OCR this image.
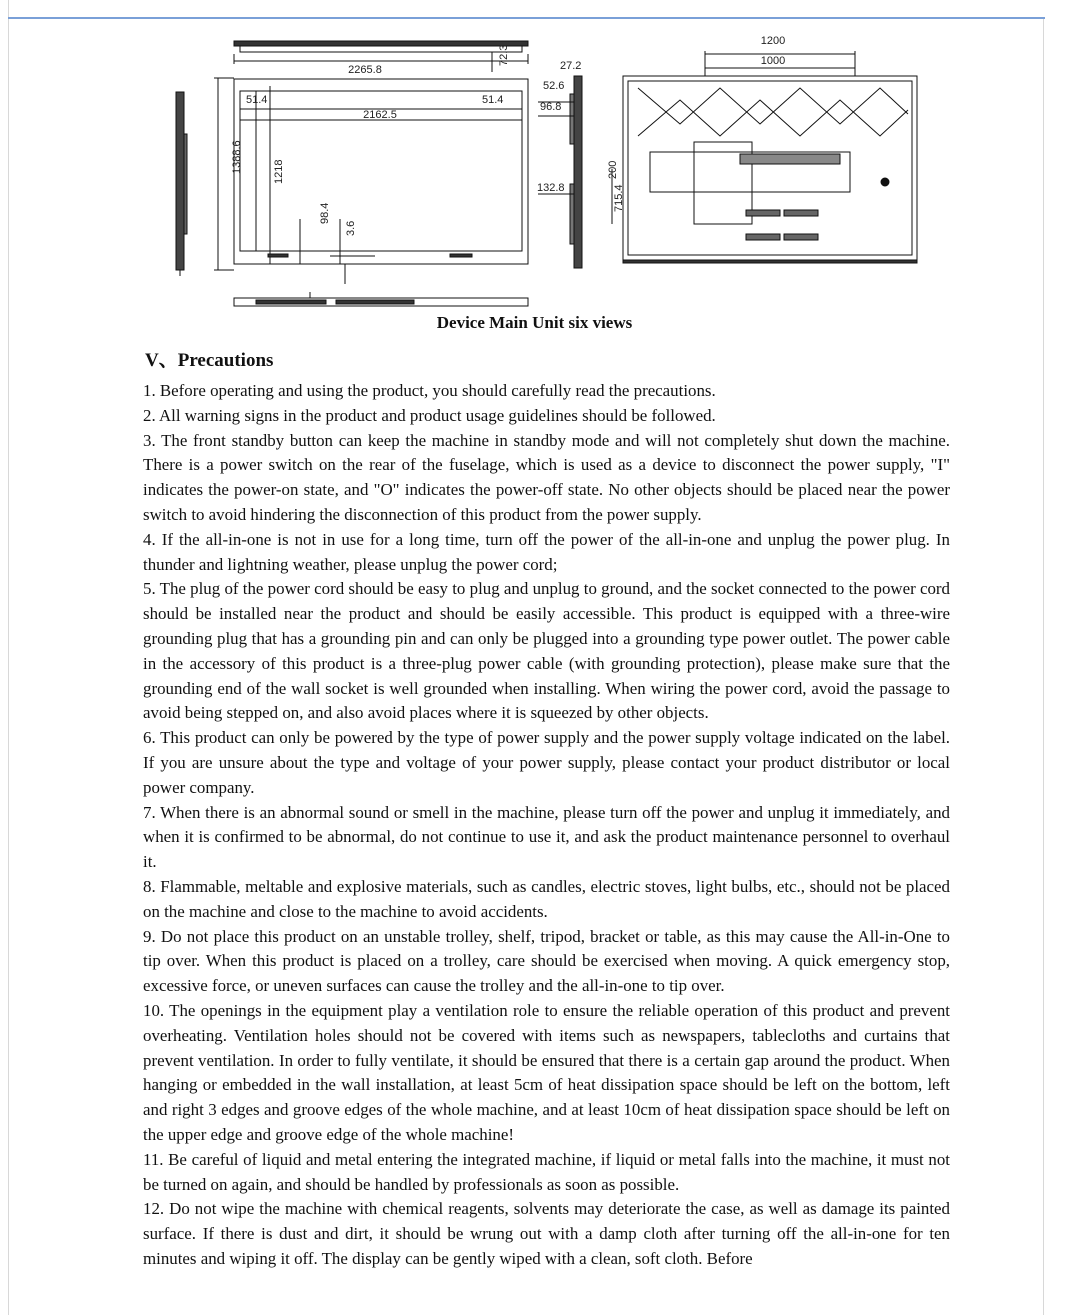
2265.8
72.3
51.4	51.4
2162.5
1388.6	1218
98.4
3.6
27.2
52.6
96.8
132.8
1200
1000
200
715.4
Device Main Unit six views
V、Precautions

1. Before operating and using the product, you should carefully read the precautions.

2. All warning signs in the product and product usage guidelines should be followed.

3. The front standby button can keep the machine in standby mode and will not completely shut down the machine. There is a power switch on the rear of the fuselage, which is used as a device to disconnect the power supply, "I" indicates the power-on state, and "O" indicates the power-off state. No other objects should be placed near the power switch to avoid hindering the disconnection of this product from the power supply.

4. If the all-in-one is not in use for a long time, turn off the power of the all-in-one and unplug the power plug. In thunder and lightning weather, please unplug the power cord;

5. The plug of the power cord should be easy to plug and unplug to ground, and the socket connected to the power cord should be installed near the product and should be easily accessible. This product is equipped with a three-wire grounding plug that has a grounding pin and can only be plugged into a grounding type power outlet. The power cable in the accessory of this product is a three-plug power cable (with grounding protection), please make sure that the grounding end of the wall socket is well grounded when installing. When wiring the power cord, avoid the passage to avoid being stepped on, and also avoid places where it is squeezed by other objects.

6. This product can only be powered by the type of power supply and the power supply voltage indicated on the label. If you are unsure about the type and voltage of your power supply, please contact your product distributor or local power company.

7. When there is an abnormal sound or smell in the machine, please turn off the power and unplug it immediately, and when it is confirmed to be abnormal, do not continue to use it, and ask the product maintenance personnel to overhaul it.

8. Flammable, meltable and explosive materials, such as candles, electric stoves, light bulbs, etc., should not be placed on the machine and close to the machine to avoid accidents.

9. Do not place this product on an unstable trolley, shelf, tripod, bracket or table, as this may cause the All-in-One to tip over. When this product is placed on a trolley, care should be exercised when moving. A quick emergency stop, excessive force, or uneven surfaces can cause the trolley and the all-in-one to tip over.

10. The openings in the equipment play a ventilation role to ensure the reliable operation of this product and prevent overheating. Ventilation holes should not be covered with items such as newspapers, tablecloths and curtains that prevent ventilation. In order to fully ventilate, it should be ensured that there is a certain gap around the product. When hanging or embedded in the wall installation, at least 5cm of heat dissipation space should be left on the bottom, left and right 3 edges and groove edges of the whole machine, and at least 10cm of heat dissipation space should be left on the upper edge and groove edge of the whole machine!

11. Be careful of liquid and metal entering the integrated machine, if liquid or metal falls into the machine, it must not be turned on again, and should be handled by professionals as soon as possible.

12. Do not wipe the machine with chemical reagents, solvents may deteriorate the case, as well as damage its painted surface. If there is dust and dirt, it should be wrung out with a damp cloth after turning off the all-in-one for ten minutes and wiping it off. The display can be gently wiped with a clean, soft cloth. Before
